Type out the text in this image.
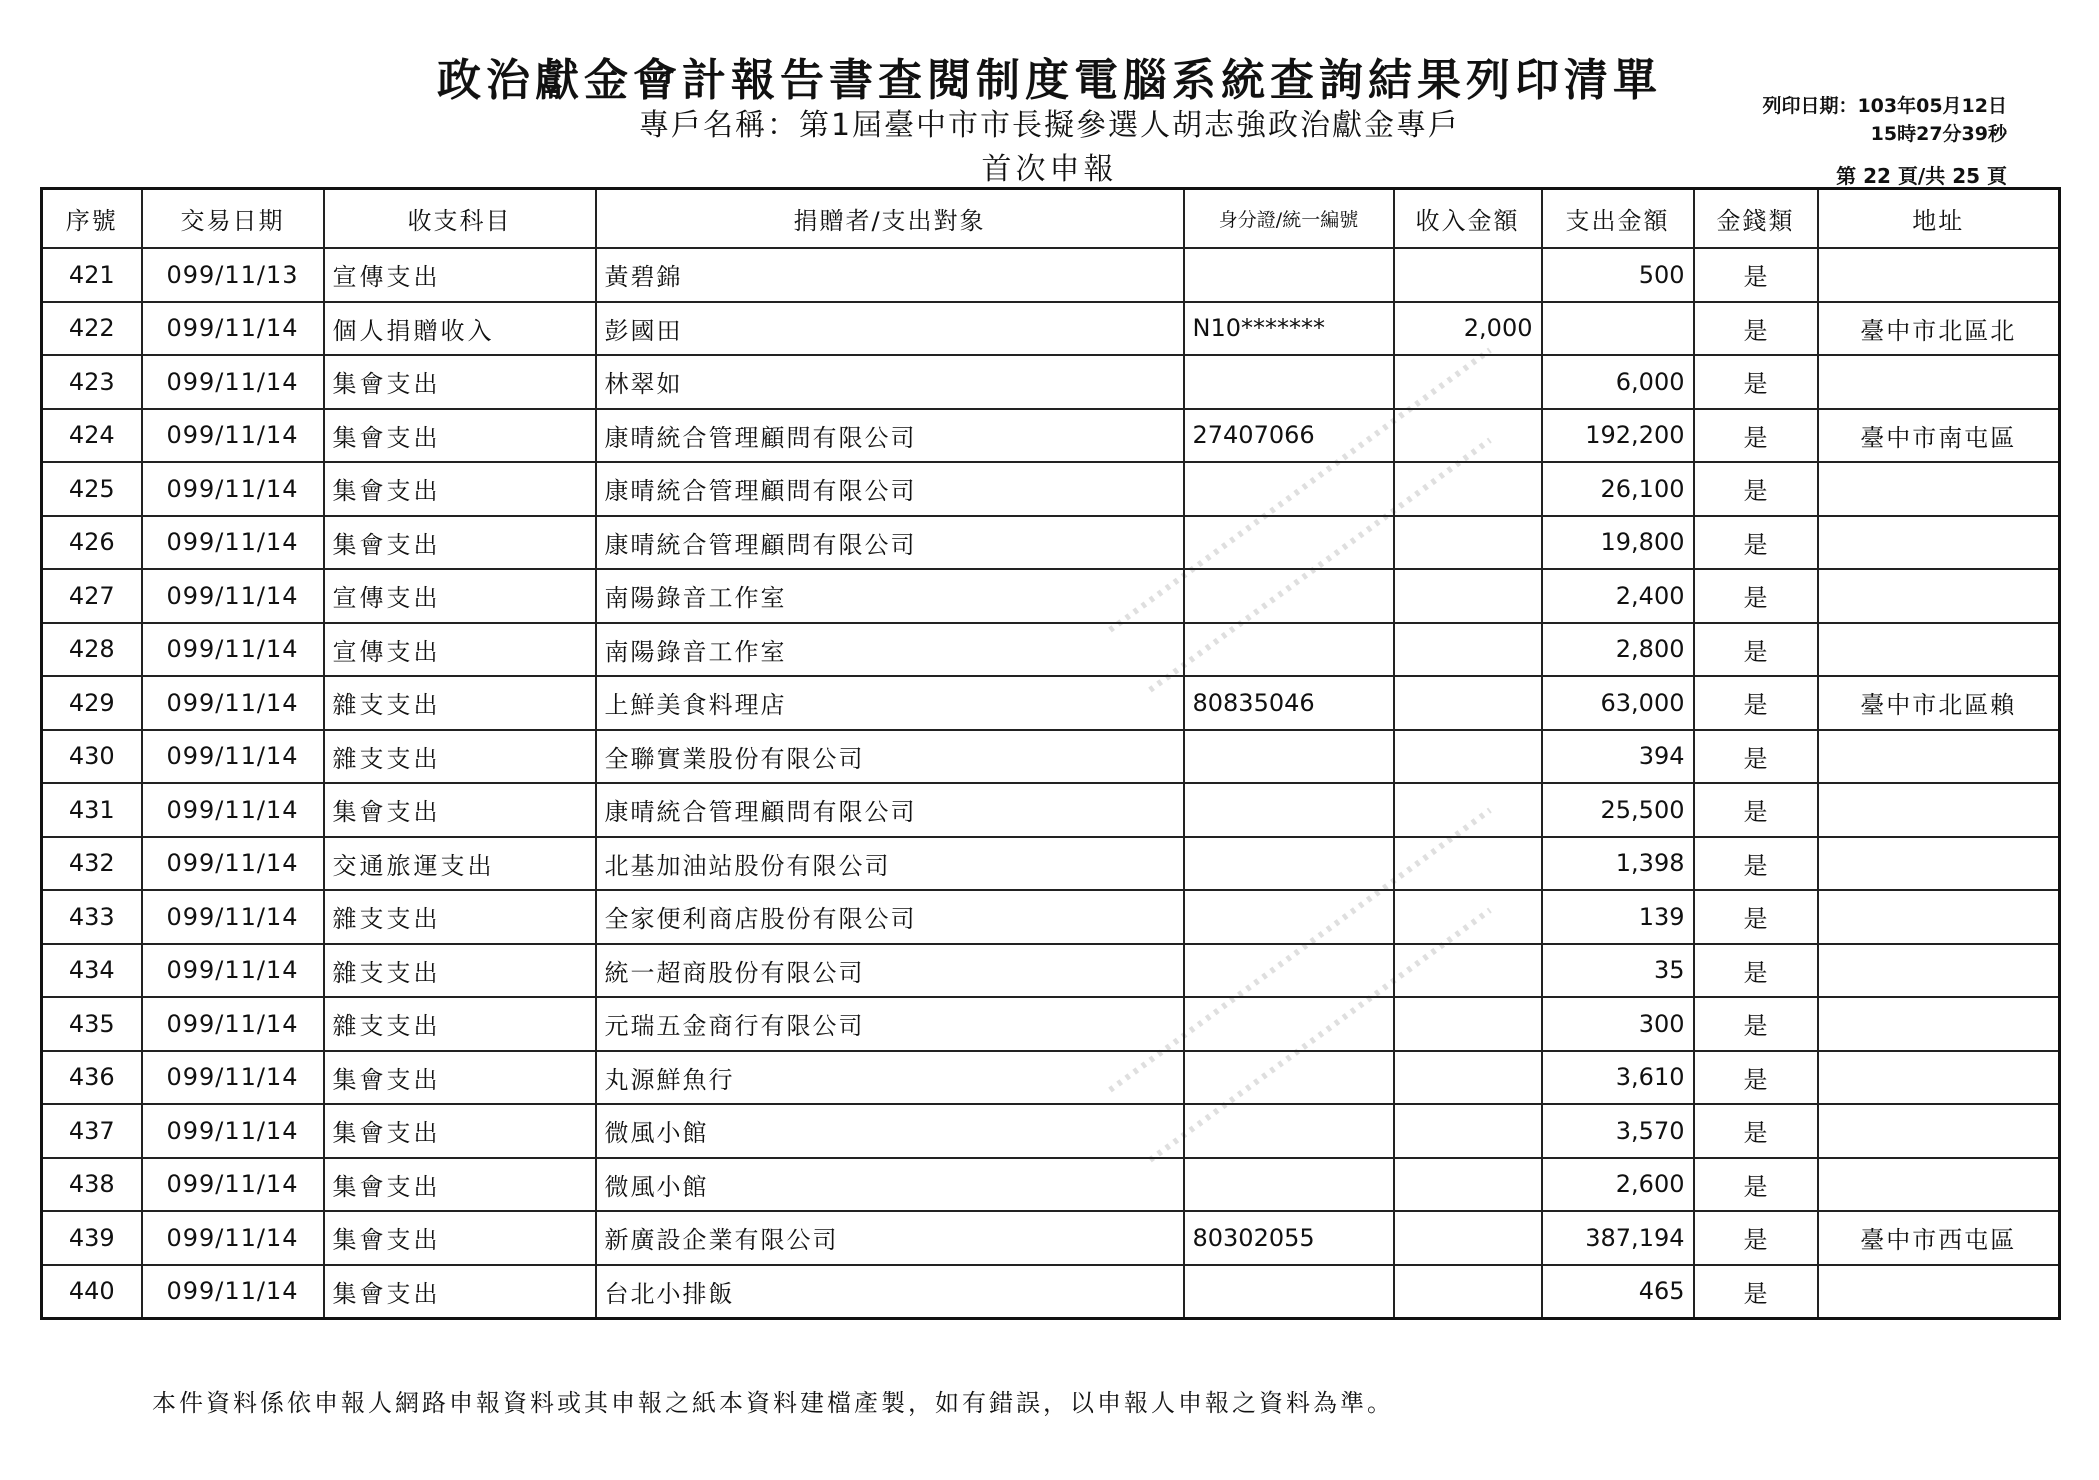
政治獻金會計報告書查閱制度電腦系統查詢結果列印清單
專戶名稱：第1屆臺中市市長擬參選人胡志強政治獻金專戶
首次申報
列印日期：103年05月12日
15時27分39秒
第 22 頁/共 25 頁
序號	交易日期	收支科目	捐贈者/支出對象	身分證/統一編號	收入金額	支出金額	金錢類	地址
421	099/11/13	宣傳支出	黃碧錦			500	是	
422	099/11/14	個人捐贈收入	彭國田	N10*******	2,000		是	臺中市北區北
423	099/11/14	集會支出	林翠如			6,000	是	
424	099/11/14	集會支出	康晴統合管理顧問有限公司	27407066		192,200	是	臺中市南屯區
425	099/11/14	集會支出	康晴統合管理顧問有限公司			26,100	是	
426	099/11/14	集會支出	康晴統合管理顧問有限公司			19,800	是	
427	099/11/14	宣傳支出	南陽錄音工作室			2,400	是	
428	099/11/14	宣傳支出	南陽錄音工作室			2,800	是	
429	099/11/14	雜支支出	上鮮美食料理店	80835046		63,000	是	臺中市北區賴
430	099/11/14	雜支支出	全聯實業股份有限公司			394	是	
431	099/11/14	集會支出	康晴統合管理顧問有限公司			25,500	是	
432	099/11/14	交通旅運支出	北基加油站股份有限公司			1,398	是	
433	099/11/14	雜支支出	全家便利商店股份有限公司			139	是	
434	099/11/14	雜支支出	統一超商股份有限公司			35	是	
435	099/11/14	雜支支出	元瑞五金商行有限公司			300	是	
436	099/11/14	集會支出	丸源鮮魚行			3,610	是	
437	099/11/14	集會支出	微風小館			3,570	是	
438	099/11/14	集會支出	微風小館			2,600	是	
439	099/11/14	集會支出	新廣設企業有限公司	80302055		387,194	是	臺中市西屯區
440	099/11/14	集會支出	台北小排飯			465	是	
本件資料係依申報人網路申報資料或其申報之紙本資料建檔產製，如有錯誤，以申報人申報之資料為準。
